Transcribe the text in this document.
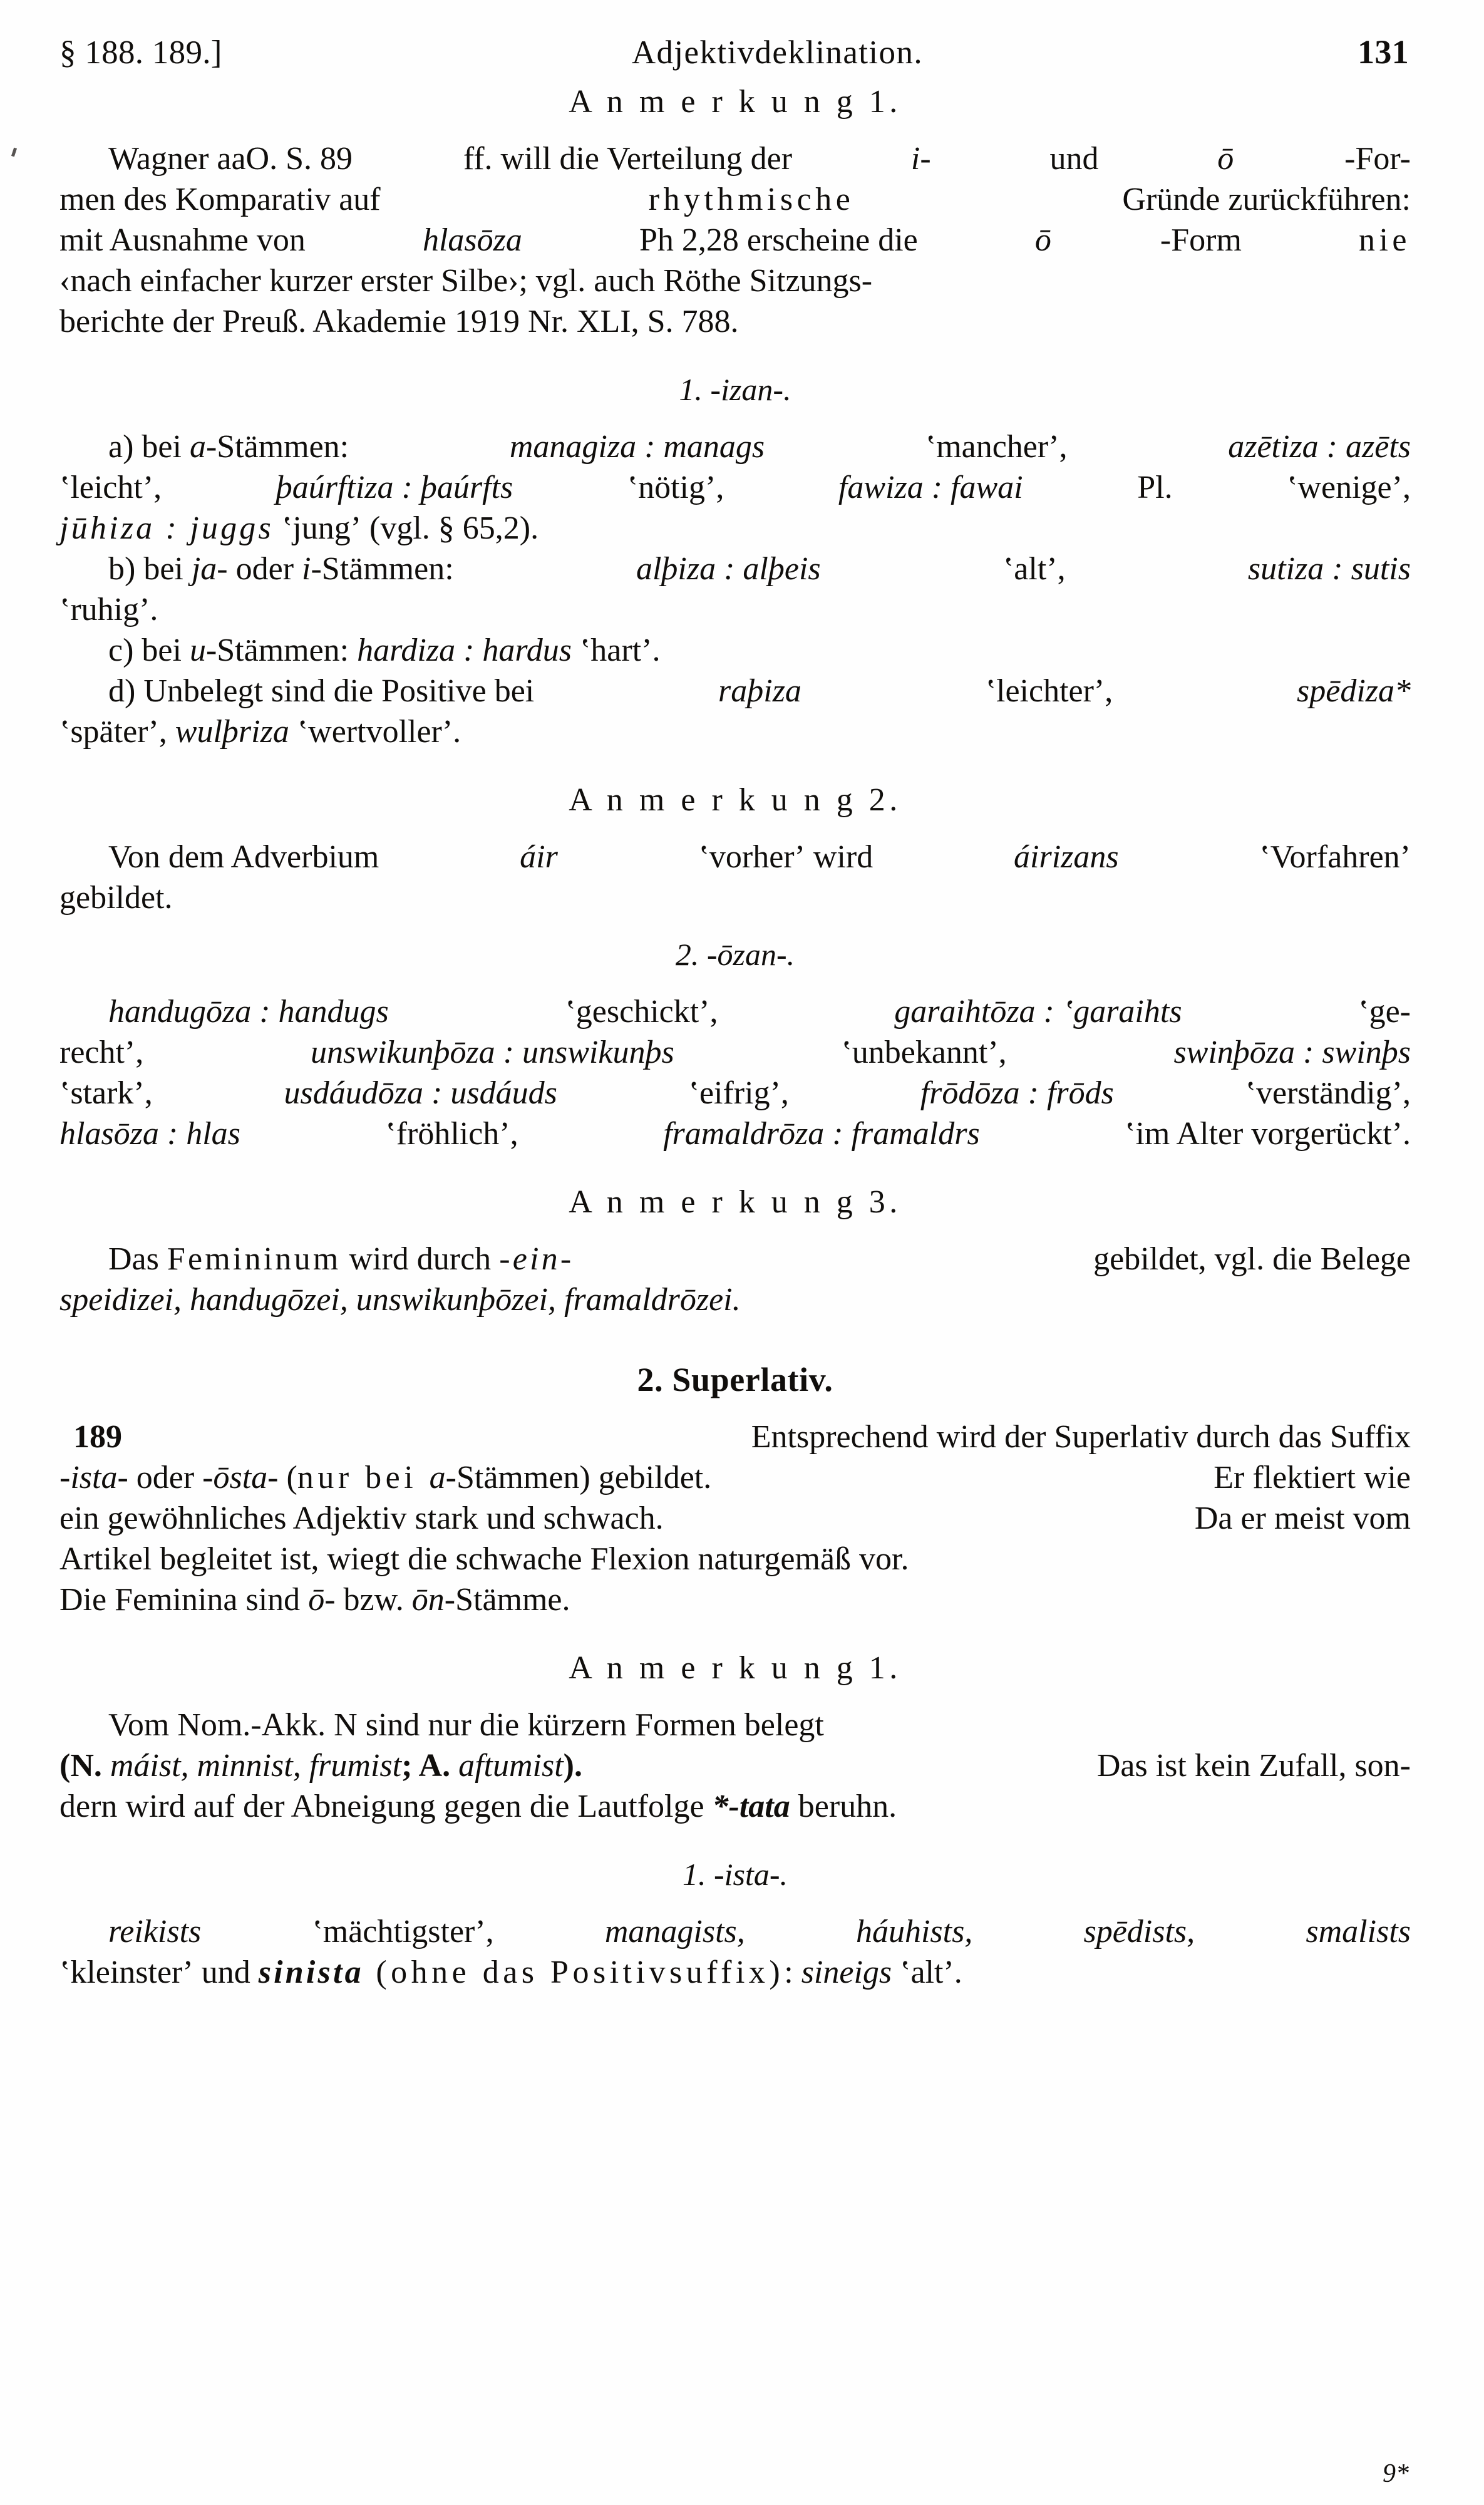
§ 188. 189.]	Adjektivdeklination.	131
A n m e r k u n g 1.
Wagner aaO. S. 89	ff. will die Verteilung der	i-	und	ō	-For-
men des Komparativ auf	rhythmische	Gründe zurückführen:
mit Ausnahme von	hlasōza	Ph 2,28 erscheine die	ō	-Form	nie
‹nach einfacher kurzer erster Silbe›; vgl. auch Röthe Sitzungs-
berichte der Preuß. Akademie 1919 Nr. XLI, S. 788.
1. -izan-.
a) bei a-Stämmen:	managiza : manags	ʽmancherʼ,	azētiza : azēts
ʽleichtʼ,	þaúrftiza : þaúrfts	ʽnötigʼ,	fawiza : fawai	Pl.	ʽwenigeʼ,
jūhiza : juggs ʽjungʼ (vgl. § 65,2).
b) bei ja- oder i-Stämmen:	alþiza : alþeis	ʽaltʼ,	sutiza : sutis
ʽruhigʼ.
c) bei u-Stämmen: hardiza : hardus ʽhartʼ.
d) Unbelegt sind die Positive bei	raþiza	ʽleichterʼ,	spēdiza*
ʽspäterʼ, wulþriza ʽwertvollerʼ.
A n m e r k u n g 2.
Von dem Adverbium	áir	ʽvorherʼ wird	áirizans	ʽVorfahrenʼ
gebildet.
2. -ōzan-.
handugōza : handugs	ʽgeschicktʼ,	garaihtōza : ʽgaraihts	ʽge-
rechtʼ,	unswikunþōza : unswikunþs	ʽunbekanntʼ,	swinþōza : swinþs
ʽstarkʼ,	usdáudōza : usdáuds	ʽeifrigʼ,	frōdōza : frōds	ʽverständigʼ,
hlasōza : hlas	ʽfröhlichʼ,	framaldrōza : framaldrs	ʽim Alter vorgerücktʼ.
A n m e r k u n g 3.
Das Femininum wird durch -ein-	gebildet, vgl. die Belege
speidizei, handugōzei, unswikunþōzei, framaldrōzei.
2. Superlativ.
189	Entsprechend wird der Superlativ durch das Suffix
-ista- oder -ōsta- (nur bei a-Stämmen) gebildet.	Er flektiert wie
ein gewöhnliches Adjektiv stark und schwach.	Da er meist vom
Artikel begleitet ist, wiegt die schwache Flexion naturgemäß vor.
Die Feminina sind ō- bzw. ōn-Stämme.
A n m e r k u n g 1.
Vom Nom.-Akk. N sind nur die kürzern Formen belegt
(N. máist, minnist, frumist; A. aftumist).	Das ist kein Zufall, son-
dern wird auf der Abneigung gegen die Lautfolge *-tata beruhn.
1. -ista-.
reikists	ʽmächtigsterʼ,	managists,	háuhists,	spēdists,	smalists
ʽkleinsterʼ und sinista (ohne das Positivsuffix): sineigs ʽaltʼ.
9*
